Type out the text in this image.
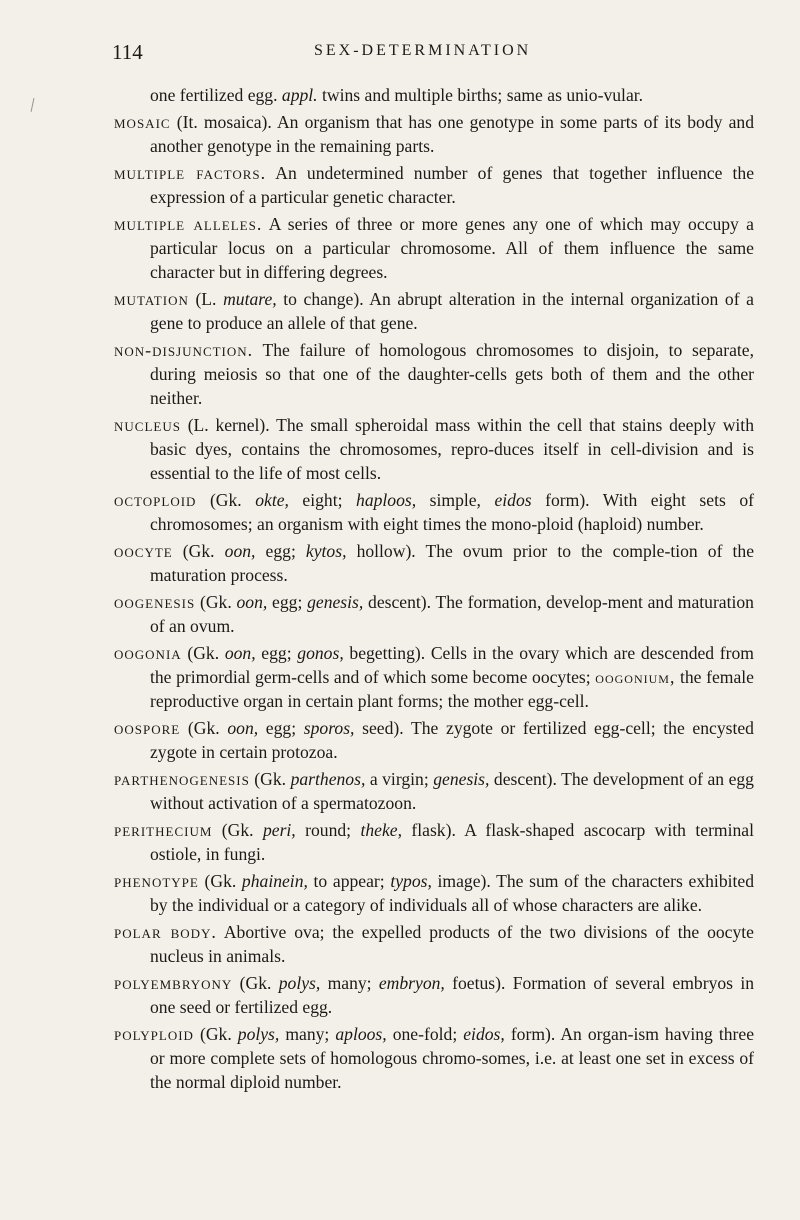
114	SEX-DETERMINATION

one fertilized egg. appl. twins and multiple births; same as unio-vular.

mosaic (It. mosaica). An organism that has one genotype in some parts of its body and another genotype in the remaining parts.

multiple factors. An undetermined number of genes that together influence the expression of a particular genetic character.

multiple alleles. A series of three or more genes any one of which may occupy a particular locus on a particular chromosome. All of them influence the same character but in differing degrees.

mutation (L. mutare, to change). An abrupt alteration in the internal organization of a gene to produce an allele of that gene.

non-disjunction. The failure of homologous chromosomes to disjoin, to separate, during meiosis so that one of the daughter-cells gets both of them and the other neither.

nucleus (L. kernel). The small spheroidal mass within the cell that stains deeply with basic dyes, contains the chromosomes, repro-duces itself in cell-division and is essential to the life of most cells.

octoploid (Gk. okte, eight; haploos, simple, eidos form). With eight sets of chromosomes; an organism with eight times the mono-ploid (haploid) number.

oocyte (Gk. oon, egg; kytos, hollow). The ovum prior to the comple-tion of the maturation process.

oogenesis (Gk. oon, egg; genesis, descent). The formation, develop-ment and maturation of an ovum.

oogonia (Gk. oon, egg; gonos, begetting). Cells in the ovary which are descended from the primordial germ-cells and of which some become oocytes; oogonium, the female reproductive organ in certain plant forms; the mother egg-cell.

oospore (Gk. oon, egg; sporos, seed). The zygote or fertilized egg-cell; the encysted zygote in certain protozoa.

parthenogenesis (Gk. parthenos, a virgin; genesis, descent). The development of an egg without activation of a spermatozoon.

perithecium (Gk. peri, round; theke, flask). A flask-shaped ascocarp with terminal ostiole, in fungi.

phenotype (Gk. phainein, to appear; typos, image). The sum of the characters exhibited by the individual or a category of individuals all of whose characters are alike.

polar body. Abortive ova; the expelled products of the two divisions of the oocyte nucleus in animals.

polyembryony (Gk. polys, many; embryon, foetus). Formation of several embryos in one seed or fertilized egg.

polyploid (Gk. polys, many; aploos, one-fold; eidos, form). An organ-ism having three or more complete sets of homologous chromo-somes, i.e. at least one set in excess of the normal diploid number.
